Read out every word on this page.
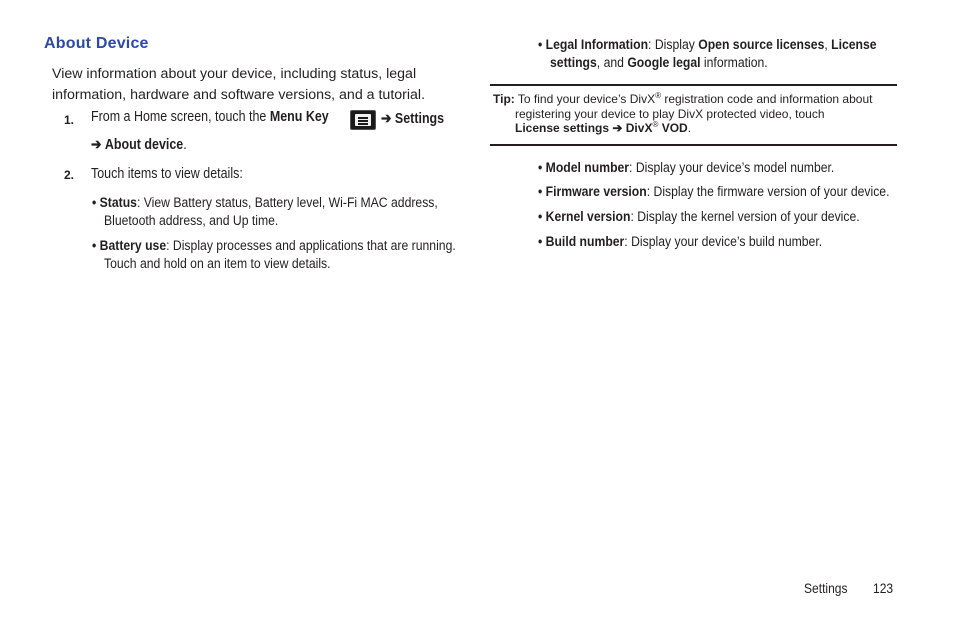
About Device
View information about your device, including status, legal
information, hardware and software versions, and a tutorial.
1. From a Home screen, touch the Menu Key	➔ Settings
➔ About device.
2. Touch items to view details:
• Status: View Battery status, Battery level, Wi-Fi MAC address,
Bluetooth address, and Up time.
• Battery use: Display processes and applications that are running.
Touch and hold on an item to view details.
• Legal Information: Display Open source licenses, License
settings, and Google legal information.
Tip: To find your device’s DivX® registration code and information about
registering your device to play DivX protected video, touch
License settings ➔ DivX® VOD.
• Model number: Display your device’s model number.
• Firmware version: Display the firmware version of your device.
• Kernel version: Display the kernel version of your device.
• Build number: Display your device’s build number.
Settings 123
